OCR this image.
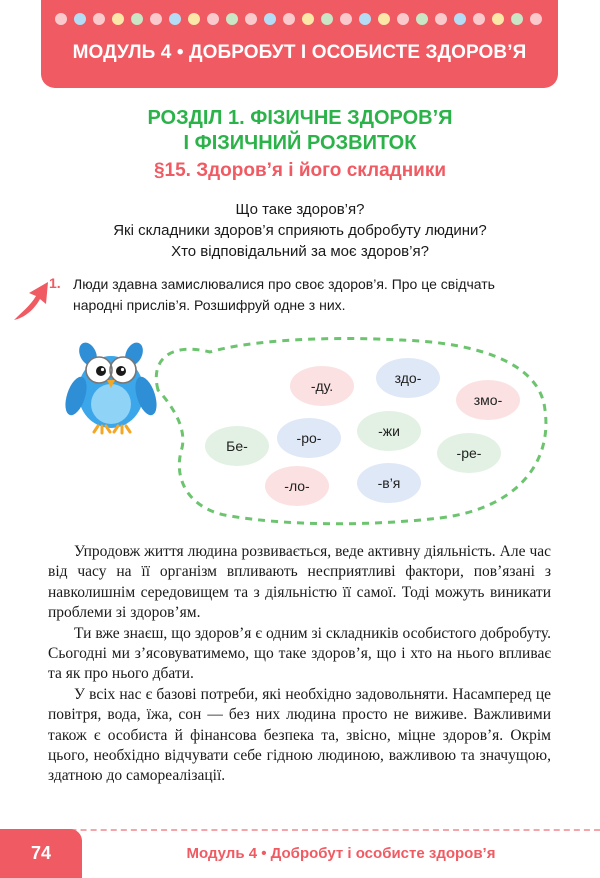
МОДУЛЬ 4 • ДОБРОБУТ І ОСОБИСТЕ ЗДОРОВ’Я
РОЗДІЛ 1. ФІЗИЧНЕ ЗДОРОВ’Я
І ФІЗИЧНИЙ РОЗВИТОК
§15. Здоров’я і його складники
Що таке здоров’я?
Які складники здоров’я сприяють добробуту людини?
Хто відповідальний за моє здоров’я?
1. Люди здавна замислювалися про своє здоров’я. Про це свідчать
народні прислів’я. Розшифруй одне з них.
-ду.	здо-
змо-
Бе-	-ро-	-жи
-ре-
-ло-	-в’я

Упродовж життя людина розвивається, веде активну діяльність. Але час від часу на її організм впливають несприятливі фактори, пов’язані з навколишнім середовищем та з діяльністю її самої. Тоді можуть виникати проблеми зі здоров’ям.

Ти вже знаєш, що здоров’я є одним зі складників особистого добробуту. Сьогодні ми з’ясовуватимемо, що таке здоров’я, що і хто на нього впливає та як про нього дбати.

У всіх нас є базові потреби, які необхідно задовольняти. Насамперед це повітря, вода, їжа, сон — без них людина просто не виживе. Важливими також є особиста й фінансова безпека та, звісно, міцне здоров’я. Окрім цього, необхідно відчувати себе гідною людиною, важливою та значущою, здатною до самореалізації.

74	Модуль 4 • Добробут і особисте здоров’я
